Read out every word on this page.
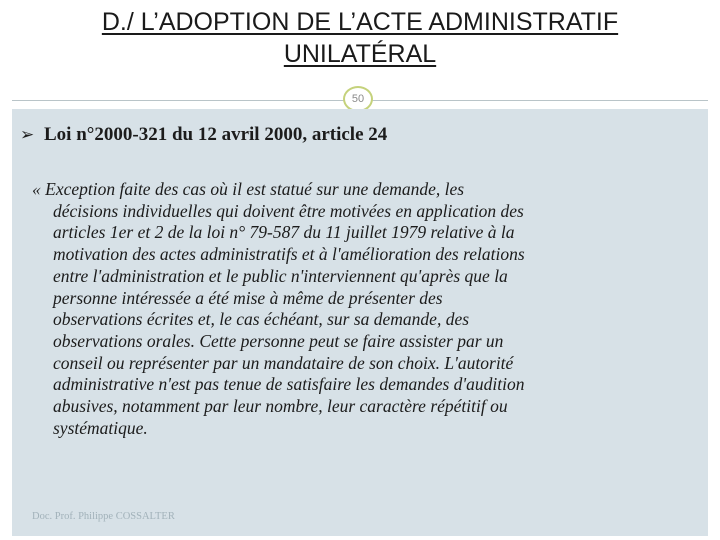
D./ L’ADOPTION DE L’ACTE ADMINISTRATIF
UNILATÉRAL
50
➢ Loi n°2000-321 du 12 avril 2000, article 24
« Exception faite des cas où il est statué sur une demande, les
décisions individuelles qui doivent être motivées en application des
articles 1er et 2 de la loi n° 79-587 du 11 juillet 1979 relative à la
motivation des actes administratifs et à l'amélioration des relations
entre l'administration et le public n'interviennent qu'après que la
personne intéressée a été mise à même de présenter des
observations écrites et, le cas échéant, sur sa demande, des
observations orales. Cette personne peut se faire assister par un
conseil ou représenter par un mandataire de son choix. L'autorité
administrative n'est pas tenue de satisfaire les demandes d'audition
abusives, notamment par leur nombre, leur caractère répétitif ou
systématique.
Doc. Prof. Philippe COSSALTER
